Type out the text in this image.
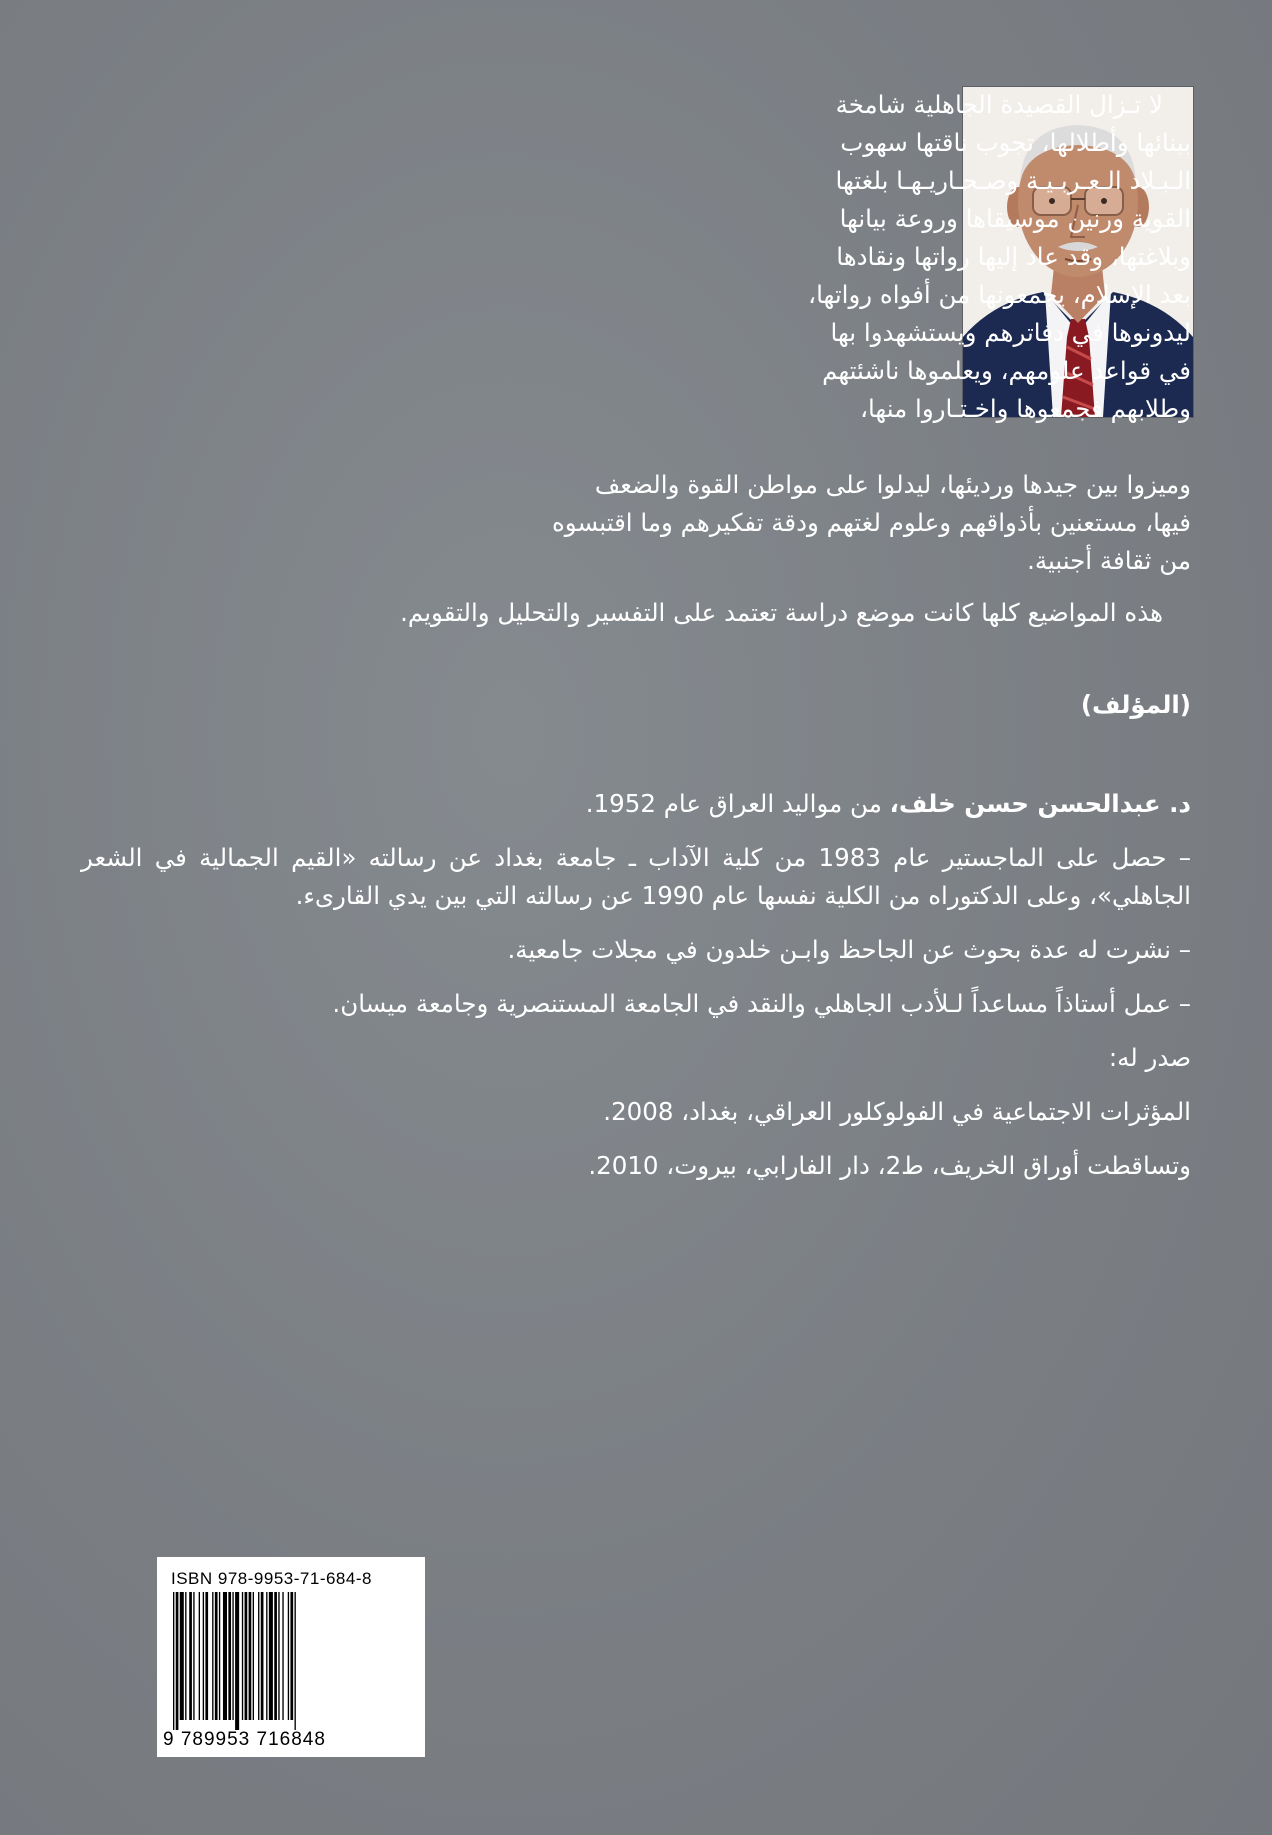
لا تـزال القصيدة الجاهلية شامخة
ببنائها وأطلالها، تجوب ناقتها سهوب
الـبـلاد الـعـربـيـة وصـحـاريـهـا بلغتها
القوية ورنين موسيقاها وروعة بيانها
وبلاغتها، وقد عاد إليها رواتها ونقادها
بعد الإسلام، يجمعونها من أفواه رواتها،
ليدونوها في دفاترهم ويستشهدوا بها
في قواعد علومهم، ويعلموها ناشئتهم
وطلابهم فجمعوها واخـتـاروا منها،
وميزوا بين جيدها ورديئها، ليدلوا على مواطن القوة والضعف
فيها، مستعنين بأذواقهم وعلوم لغتهم ودقة تفكيرهم وما اقتبسوه
من ثقافة أجنبية.

هذه المواضيع كلها كانت موضع دراسة تعتمد على التفسير والتحليل والتقويم.

(المؤلف)

د. عبدالحسن حسن خلف، من مواليد العراق عام 1952.

– حصل على الماجستير عام 1983 من كلية الآداب ـ جامعة بغداد عن رسالته «القيم الجمالية في الشعر الجاهلي»، وعلى الدكتوراه من الكلية نفسها عام 1990 عن رسالته التي بين يدي القارىء.

– نشرت له عدة بحوث عن الجاحظ وابـن خلدون في مجلات جامعية.

– عمل أستاذاً مساعداً لـلأدب الجاهلي والنقد في الجامعة المستنصرية وجامعة ميسان.

صدر له:

المؤثرات الاجتماعية في الفولوكلور العراقي، بغداد، 2008.

وتساقطت أوراق الخريف، ط2، دار الفارابي، بيروت، 2010.

ISBN 978-9953-71-684-8
9 789953 716848
